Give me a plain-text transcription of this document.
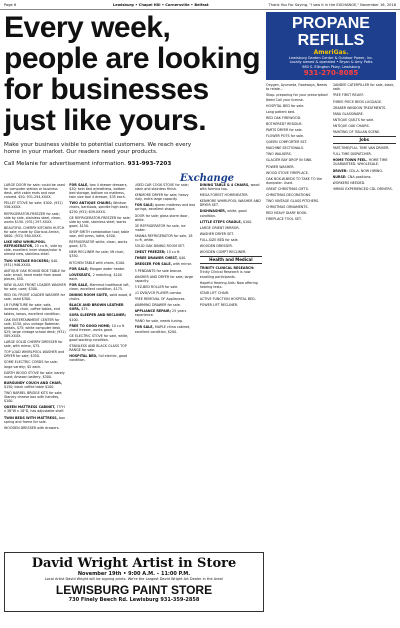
Page 6	Lewisburg • Chapel Hill • Cornersville • Belfast	Thank You For Saying, "I saw it in the EXCHANGE," November 16, 2016
Every week, people are looking for businesses just like yours.
Make your business visible to potential customers. We reach every home in your market. Our readers need your products.
Call Melanie for advertisement information. 931-993-7203
Exchange

LARGE DOOR for sale; could be used for computer station or business desk, with cabin ends and rose colored. $50. 931-294-XXXX.

PELLET STOVE for sale; $300. (931) 556-XXXX.

REFRIGERATOR-FREEZER for sale; side by side, stainless steel, clean, works $150. (931) 297-XXXX.

BEAUTIFUL CHERRY KITCHEN HUTCH for sale; made by Glorious Amish, $600. (931) 580-XXXX.

LIKE NEW WHIRLPOOL REFRIGERATOR, 25 cu ft., side by side, excellent inner shape/color is almost new, stainless steel.

TWO VINTAGE ROCKERS; $40. (931) 946-XXXX.

ANTIQUE OAK ROUND SIDE TABLE for sale; small, hand made from wood pieces, $50.

NEW GLASS FRONT LOADER WASHER for sale; used; $300.

RED OIL FRONT LOADER WASHER for sale, used $300.

LR FURNITURE for sale; sofa, loveseat, chair, coffee tables, end tables, lamps, excellent condition.

OAK ENTERTAINMENT CENTER for sale, $150, plus vintage Bateman pedals, $75; white computer desk, $25; large vintage school desk; (931) 589-XXXX.

LARGE SOLID CHERRY DRESSER for sale, with mirror, $75.

TOP LOAD WHIRLPOOL WASHER and DRYER for sale; $350.

SOME ELECTRIC CORDS for sale; large variety; $5 each.

EARTH WOOD STOVE for sale; barely used; Amazon battery, $300.

BURGUNDY COUCH AND CHAIR, $150; black coffee table $100.

TWO BARREL BRIDGE KITS for sale; Stanley cheese box with handles, $100.

QUEEN MATTRESS CABINET, 73"H x 38"W x 18"D, has adjustable shelf.

TWIN BEDS WITH MATTRESS, box spring and frame for sale.

WOODEN DRESSER with drawers.

FOR SALE, two 4 drawer dressers, $30; twin bed w/mattress, bottom bed storage, bottom no mattress, twin size tool 4 dresser, $35 each.

TWO ANTIQUE CHAIRS; Windsor chairs, barstools, spindle high back; $250 (931) 639-XXXX.

GE REFRIGERATOR-FREEZER for sale; side by side, stainless steel, works good, $150.

SHOP SMITH combination tool; table saw, drill press, lathe, $500.

REFRIGERATOR white, clean, works good, $75.

NEW RECLINER for sale; lift chair, $350.

KITCHEN TABLE with chairs, $100.

FOR SALE; Morgan water heater.

LOVESEATS, 2 matching, $100 each.

FOR SALE, Mammut traditional loft, clean, excellent condition, $175.

DINING ROOM SUITE, solid wood, 6 chairs.

BLACK AND BROWN LEATHER SOFA, $75.

SOFA SLEEPER AND RECLINER; $100.

FREE TO GOOD HOME; 10 cu ft chest freezer, works good.

GE ELECTRIC STOVE for sale, white, good working condition.

STAINLESS AND BLACK GLASS TOP RANGE for sale.

HOSPITAL BED, full electric, good condition.

USED CAR COOK STOVE for sale; black and stainless finish.

KENMORE DRYER for sale; heavy duty, extra large capacity.

FOR SALE; queen mattress and box springs, excellent shape.

DOOR for sale; glass storm door, white.

GE REFRIGERATOR for sale, ice maker.

AMANA REFRIGERATOR for sale, 18 cu ft, white.

SOLID OAK DINING ROOM SET.

CHEST FREEZER; 15 cu ft.

THREE DRAWER CHEST, $40.

DRESSER FOR SALE, with mirror.

3 PENDANTS for sale bronze.

WASHER AND DRYER for sale; large capacity.

3 EZ-BED ROLLER for sale.

LG DVD/VCR PLAYER combo.

FREE REMOVAL OF Appliances.

WARMING DRAWER for sale.

APPLIANCE REPAIR; 25 years experience.

PIANO for sale, needs tuning.

FOR SALE, MAPLE china cabinet, excellent condition, $200.

DINING TABLE & 4 CHAIRS, wood with formica top.

MEGA FOREST HOMEHEATER.

KENMORE WHIRLPOOL WASHER AND DRYER SET.

DISHWASHER, white, good condition.

LITTLE STEPS CRADLE, $100.

LARGE ORIENT MIRROR.

WASHER DRYER SET.

FULL-SIZE BED for sale.

WOODEN DRESSER.

WOODEN COMPT RECLINER.

Health and Medical

TRINITY CLINICAL RESEARCH: Trinity Clinical Research is now enrolling participants.

Hopeful Hearing Aids: Now offering hearing tests.

STAIR LIFT CHAIR.

ACTIVE FUNCTION HOSPITAL BED.

POWER LIFT RECLINER.

PROPANE REFILLS
AmeriGas.
Lewisburg Garden Center & Outdoor Power, Inc.
Locally owned & operated • Bryan & Amy Potts
980 S. Ellington Pkwy, Lewisburg
931-270-8085

Oxygen, Ayurveda, Foodways, Needs to relate…

Shop. preparing for your prescription! Need Call your license.

HOSPITAL BED for sale.

Long patient bed.

RED OAK FIREWOOD.

BOTHERED? RESIDUE.

PARTS DRYER for sale.

FLOWER POTS for sale.

QUEEN COMFORTER SET.

MACHINE SECTIONALS.

TWO WALKERS.

GLACIER BAY DROP IN SINK.

POWER WASHER.

WOOD STOVE FIREPLACE.

OAK BOX-W-BEDS TO TAKE TO the dumpster. Used.

GREAT CHRISTMAS GIFTS.

CHRISTMAS DECORATIONS.

TWO VINTAGE GLASS PITCHERS.

CHRISTMAS ORNAMENTS.

RED HEAVY DIARY BOOK.

FIREPLACE TOOL SET.

GANDEE CATERPILLER for sale, black, bath.

FREE FIRST RELIEF.

THREE PIECE BEDS LUGGAGE.

GRABER WINDOW TREATMENTS.

TABA GLASSWARE.

ANTIQUE QUILTS for sale.

ANTIQUE OAK CHAIRS.

PAINTING OF ITALIAN SCENE.

Jobs

PART-TIME/FULL TIME VAN DRIVER.

FULL TIME DISPATCHER.

HOME TOWN FEEL. HOME TIME GUARANTEED. WHOLESALE.

DRIVER: CDL-A. NOW HIRING.

NURSE: CNA positions.

WORKERS NEEDED.

HIRING EXPERIENCED CDL DRIVERS.

David Wright Artist in Store
November 19th • 9:00 A.M. – 11:00 P.M.
Local Artist David Wright will be signing prints. We're the Largest David Wright Art Dealer in the Area!
LEWISBURG PAINT STORE
730 Finely Beech Rd. Lewisburg 931-359-2858
